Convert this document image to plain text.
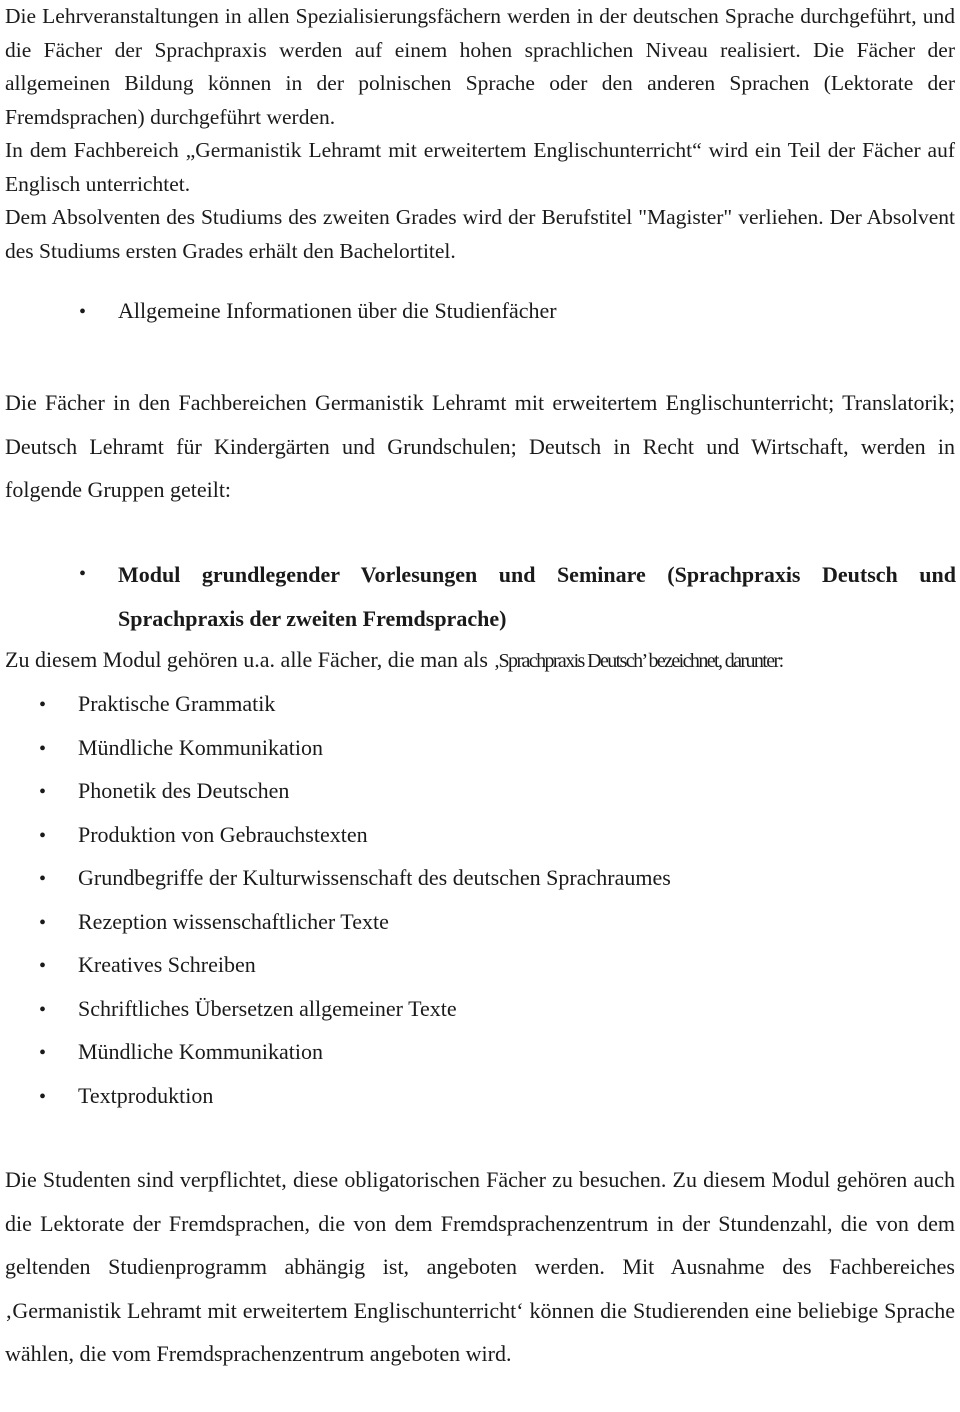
Die Lehrveranstaltungen in allen Spezialisierungsfächern werden in der deutschen Sprache durchgeführt, und die Fächer der Sprachpraxis werden auf einem hohen sprachlichen Niveau realisiert. Die Fächer der allgemeinen Bildung können in der polnischen Sprache oder den anderen Sprachen (Lektorate der Fremdsprachen) durchgeführt werden.

In dem Fachbereich „Germanistik Lehramt mit erweitertem Englischunterricht“ wird ein Teil der Fächer auf Englisch unterrichtet.

Dem Absolventen des Studiums des zweiten Grades wird der Berufstitel "Magister" verliehen. Der Absolvent des Studiums ersten Grades erhält den Bachelortitel.

•	Allgemeine Informationen über die Studienfächer

Die Fächer in den Fachbereichen Germanistik Lehramt mit erweitertem Englischunterricht; Translatorik; Deutsch Lehramt für Kindergärten und Grundschulen; Deutsch in Recht und Wirtschaft, werden in folgende Gruppen geteilt:

• Modul grundlegender Vorlesungen und Seminare (Sprachpraxis Deutsch und Sprachpraxis der zweiten Fremdsprache)
Zu diesem Modul gehören u.a. alle Fächer, die man als ‚Sprachpraxis Deutsch’ bezeichnet, darunter:
•	Praktische Grammatik
•	Mündliche Kommunikation
•	Phonetik des Deutschen
•	Produktion von Gebrauchstexten
•	Grundbegriffe der Kulturwissenschaft des deutschen Sprachraumes
•	Rezeption wissenschaftlicher Texte
•	Kreatives Schreiben
•	Schriftliches Übersetzen allgemeiner Texte
•	Mündliche Kommunikation
•	Textproduktion

Die Studenten sind verpflichtet, diese obligatorischen Fächer zu besuchen. Zu diesem Modul gehören auch die Lektorate der Fremdsprachen, die von dem Fremdsprachenzentrum in der Stundenzahl, die von dem geltenden Studienprogramm abhängig ist, angeboten werden. Mit Ausnahme des Fachbereiches ‚Germanistik Lehramt mit erweitertem Englischunterricht‘ können die Studierenden eine beliebige Sprache wählen, die vom Fremdsprachenzentrum angeboten wird.
